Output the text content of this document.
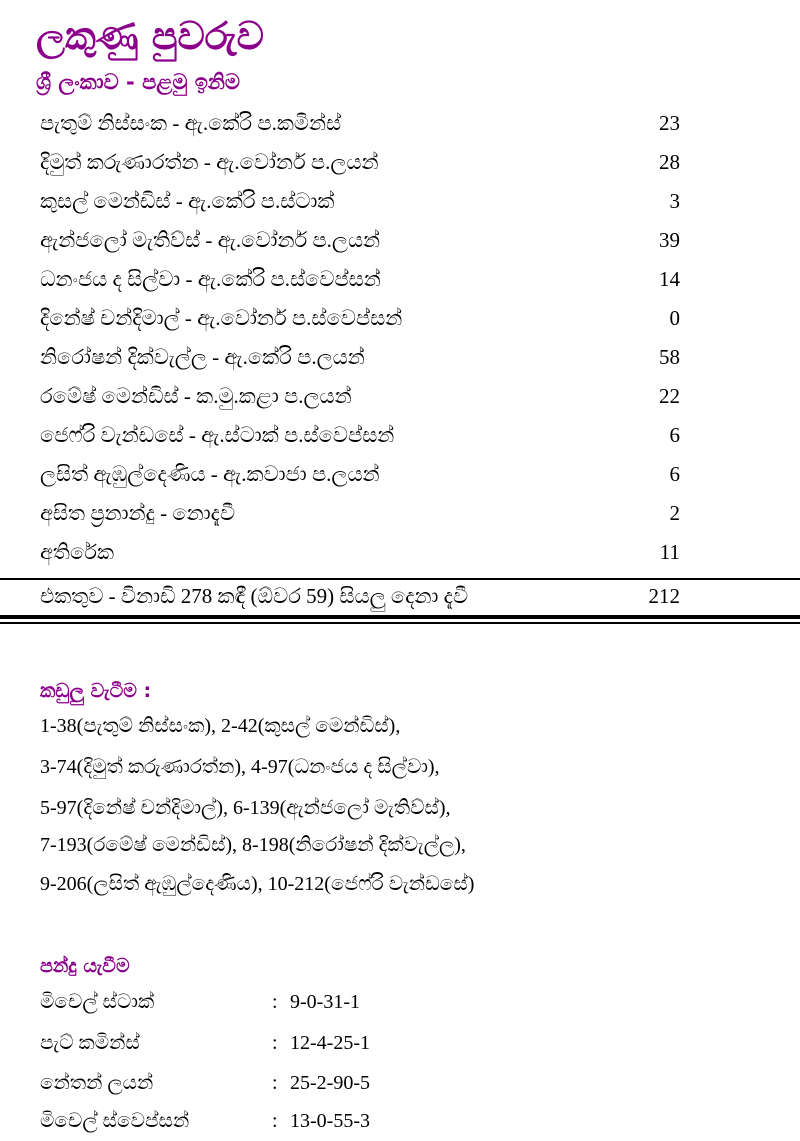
ලකුණු පුවරුව
ශ්‍රී ලංකාව - පළමු ඉනිම
පැතුම් නිස්සංක - ඇ.කේරි ප.කමින්ස්	23
දිමුත් කරුණාරත්න - ඇ.වෝනර් ප.ලයන්	28
කුසල් මෙන්ඩිස් - ඇ.කේරි ප.ස්ටාක්	3
ඇන්ජලෝ මැතිව්ස් - ඇ.වෝනර් ප.ලයන්	39
ධනංජය ද සිල්වා - ඇ.කේරි ප.ස්වෙප්සන්	14
දිනේෂ් චන්දිමාල් - ඇ.වෝනර් ප.ස්වෙප්සන්	0
නිරෝෂන් දික්වැල්ල - ඇ.කේරි ප.ලයන්	58
රමේෂ් මෙන්ඩිස් - ක.මු.කළා ප.ලයන්	22
ජෙෆ්රි වැන්ඩසේ - ඇ.ස්ටාක් ප.ස්වෙප්සන්	6
ලසිත් ඇඹුල්දෙණිය - ඇ.කවාජා ප.ලයන්	6
අසිත ප්‍රනාන්දු - නොදැවී	2
අතිරේක	11
එකතුව - විනාඩි 278 කඳී (ඕවර 59) සියලු දෙනා දැවී	212
කඩුලු වැටීම :
1-38(පැතුම් නිස්සංක), 2-42(කුසල් මෙන්ඩිස්),
3-74(දිමුත් කරුණාරත්න), 4-97(ධනංජය ද සිල්වා),
5-97(දිනේෂ් චන්දිමාල්), 6-139(ඇන්ජලෝ මැතිව්ස්),
7-193(රමේෂ් මෙන්ඩිස්), 8-198(නිරෝෂන් දික්වැල්ල),
9-206(ලසිත් ඇඹුල්දෙණිය), 10-212(ජෙෆ්රි වැන්ඩසේ)
පන්දු යැවීම
මිචෙල් ස්ටාක්	: 9-0-31-1
පැට් කමින්ස්	: 12-4-25-1
නේතන් ලයන්	: 25-2-90-5
මිචෙල් ස්වෙප්සන්	: 13-0-55-3
